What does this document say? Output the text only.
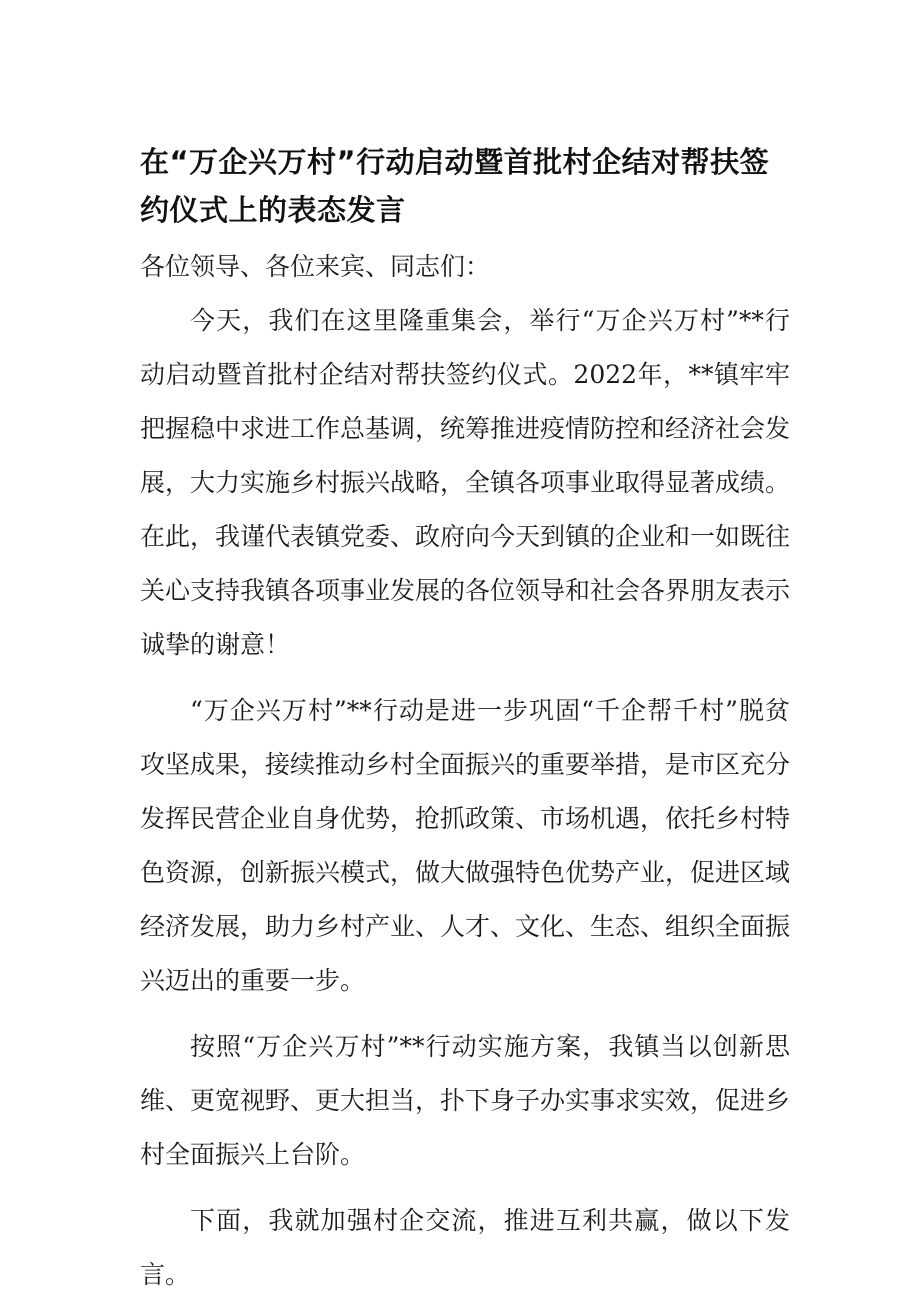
在“万企兴万村”行动启动暨首批村企结对帮扶签约仪式上的表态发言

各位领导、各位来宾、同志们：

今天，我们在这里隆重集会，举行“万企兴万村”**行动启动暨首批村企结对帮扶签约仪式。2022年，**镇牢牢把握稳中求进工作总基调，统筹推进疫情防控和经济社会发展，大力实施乡村振兴战略，全镇各项事业取得显著成绩。在此，我谨代表镇党委、政府向今天到镇的企业和一如既往关心支持我镇各项事业发展的各位领导和社会各界朋友表示诚挚的谢意！

“万企兴万村”**行动是进一步巩固“千企帮千村”脱贫攻坚成果，接续推动乡村全面振兴的重要举措，是市区充分发挥民营企业自身优势，抢抓政策、市场机遇，依托乡村特色资源，创新振兴模式，做大做强特色优势产业，促进区域经济发展，助力乡村产业、人才、文化、生态、组织全面振兴迈出的重要一步。

按照“万企兴万村”**行动实施方案，我镇当以创新思维、更宽视野、更大担当，扑下身子办实事求实效，促进乡村全面振兴上台阶。

下面，我就加强村企交流，推进互利共赢，做以下发言。
